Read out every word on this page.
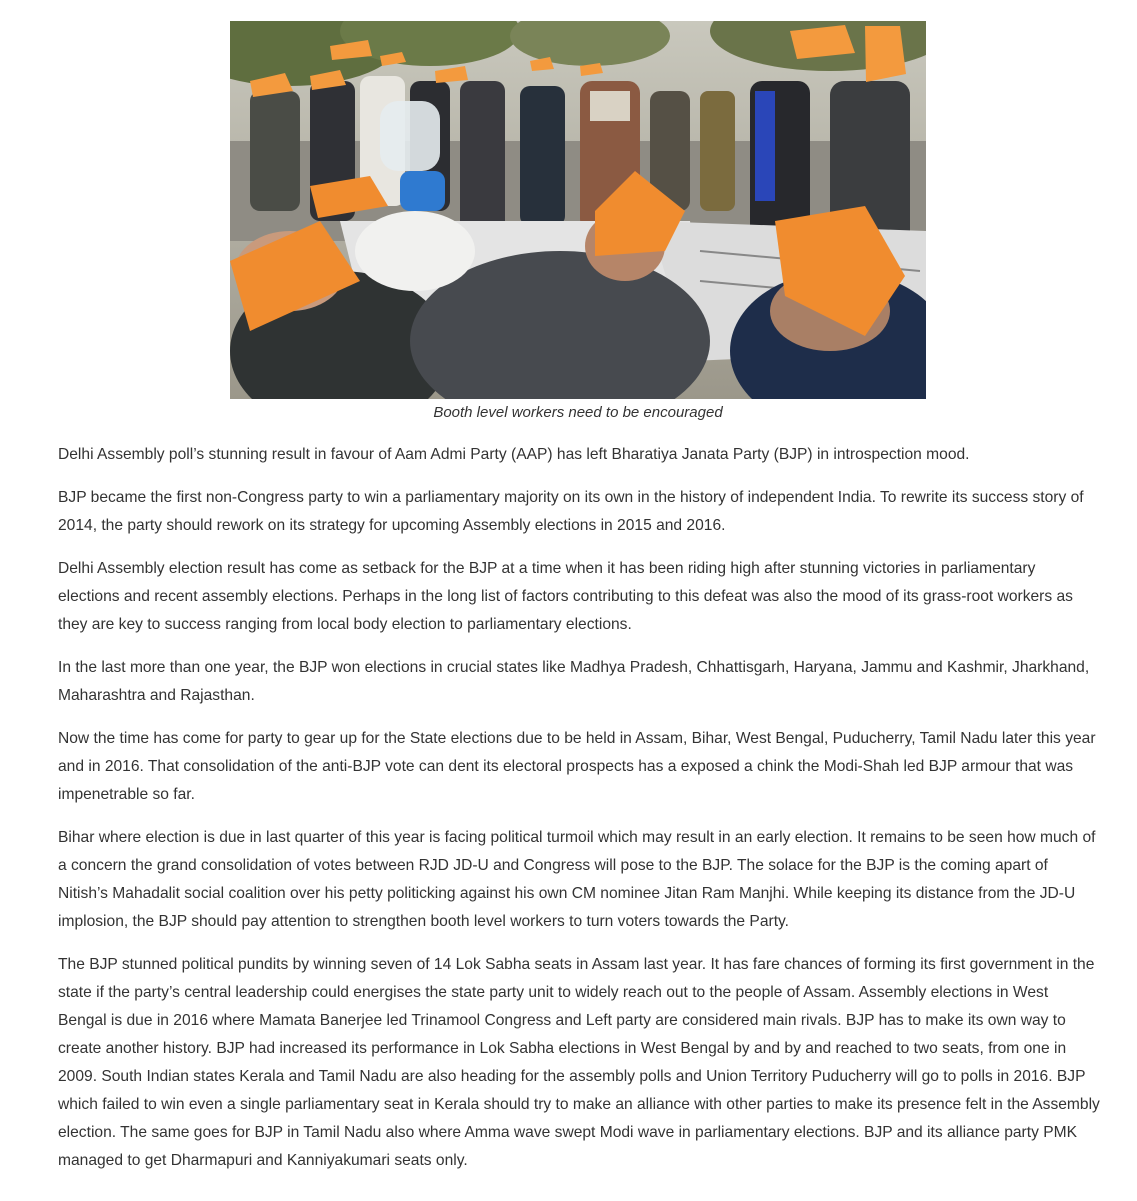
Booth level workers need to be encouraged

Delhi Assembly poll’s stunning result in favour of Aam Admi Party (AAP) has left Bharatiya Janata Party (BJP) in introspection mood.

BJP became the first non-Congress party to win a parliamentary majority on its own in the history of independent India. To rewrite its success story of 2014, the party should rework on its strategy for upcoming Assembly elections in 2015 and 2016.

Delhi Assembly election result has come as setback for the BJP at a time when it has been riding high after stunning victories in parliamentary elections and recent assembly elections. Perhaps in the long list of factors contributing to this defeat was also the mood of its grass-root workers as they are key to success ranging from local body election to parliamentary elections.

In the last more than one year, the BJP won elections in crucial states like Madhya Pradesh, Chhattisgarh, Haryana, Jammu and Kashmir, Jharkhand, Maharashtra and Rajasthan.

Now the time has come for party to gear up for the State elections due to be held in Assam, Bihar, West Bengal, Puducherry, Tamil Nadu later this year and in 2016. That consolidation of the anti-BJP vote can dent its electoral prospects has a exposed a chink the Modi-Shah led BJP armour that was impenetrable so far.

Bihar where election is due in last quarter of this year is facing political turmoil which may result in an early election. It remains to be seen how much of a concern the grand consolidation of votes between RJD JD-U and Congress will pose to the BJP. The solace for the BJP is the coming apart of Nitish’s Mahadalit social coalition over his petty politicking against his own CM nominee Jitan Ram Manjhi. While keeping its distance from the JD-U implosion, the BJP should pay attention to strengthen booth level workers to turn voters towards the Party.

The BJP stunned political pundits by winning seven of 14 Lok Sabha seats in Assam last year. It has fare chances of forming its first government in the state if the party’s central leadership could energises the state party unit to widely reach out to the people of Assam. Assembly elections in West Bengal is due in 2016 where Mamata Banerjee led Trinamool Congress and Left party are considered main rivals. BJP has to make its own way to create another history. BJP had increased its performance in Lok Sabha elections in West Bengal by and by and reached to two seats, from one in 2009. South Indian states Kerala and Tamil Nadu are also heading for the assembly polls and Union Territory Puducherry will go to polls in 2016. BJP which failed to win even a single parliamentary seat in Kerala should try to make an alliance with other parties to make its presence felt in the Assembly election. The same goes for BJP in Tamil Nadu also where Amma wave swept Modi wave in parliamentary elections. BJP and its alliance party PMK managed to get Dharmapuri and Kanniyakumari seats only.
